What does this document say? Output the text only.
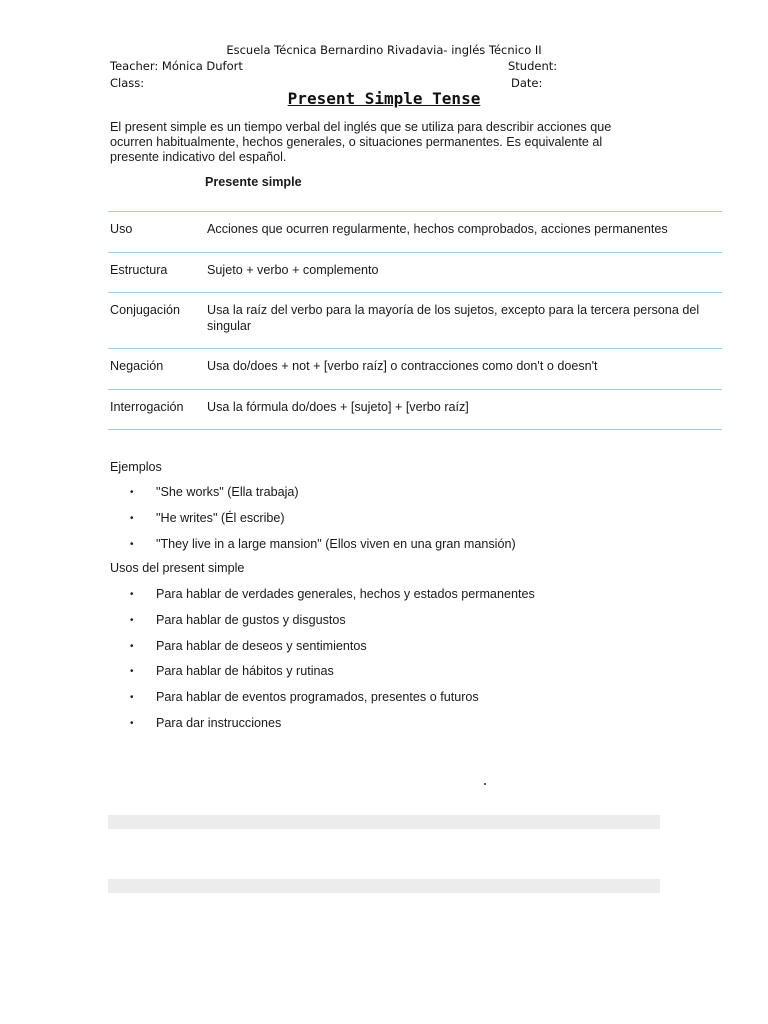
Escuela Técnica Bernardino Rivadavia- inglés Técnico II
Teacher: Mónica Dufort	Student:
Class:	Date:
Present Simple Tense
El present simple es un tiempo verbal del inglés que se utiliza para describir acciones que ocurren habitualmente, hechos generales, o situaciones permanentes. Es equivalente al presente indicativo del español.
Presente simple
Uso	Acciones que ocurren regularmente, hechos comprobados, acciones permanentes
Estructura	Sujeto + verbo + complemento
Conjugación	Usa la raíz del verbo para la mayoría de los sujetos, excepto para la tercera persona del singular
Negación	Usa do/does + not + [verbo raíz] o contracciones como don't o doesn't
Interrogación	Usa la fórmula do/does + [sujeto] + [verbo raíz]
Ejemplos
•	"She works" (Ella trabaja)
•	"He writes" (Él escribe)
•	"They live in a large mansion" (Ellos viven en una gran mansión)
Usos del present simple
•	Para hablar de verdades generales, hechos y estados permanentes
•	Para hablar de gustos y disgustos
•	Para hablar de deseos y sentimientos
•	Para hablar de hábitos y rutinas
•	Para hablar de eventos programados, presentes o futuros
•	Para dar instrucciones
